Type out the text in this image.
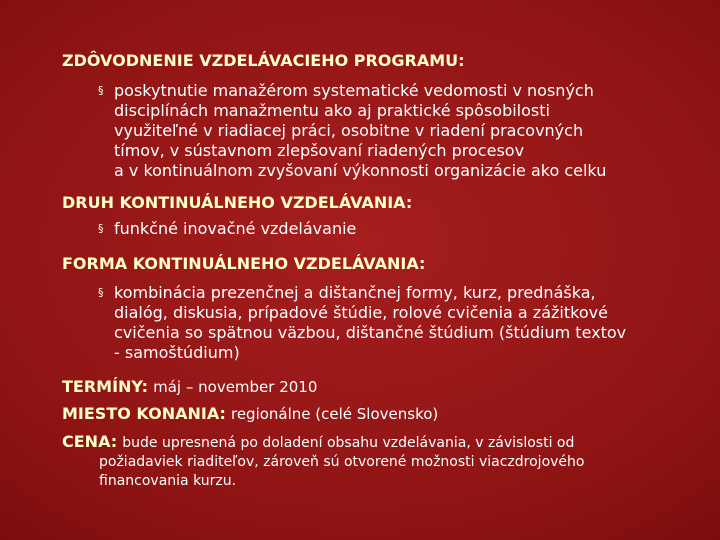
ZDÔVODNENIE VZDELÁVACIEHO PROGRAMU:
§ poskytnutie manažérom systematické vedomosti v nosných
disciplínách manažmentu ako aj praktické spôsobilosti
využiteľné v riadiacej práci, osobitne v riadení pracovných
tímov, v sústavnom zlepšovaní riadených procesov
a v kontinuálnom zvyšovaní výkonnosti organizácie ako celku
DRUH KONTINUÁLNEHO VZDELÁVANIA:
§ funkčné inovačné vzdelávanie
FORMA KONTINUÁLNEHO VZDELÁVANIA:
§ kombinácia prezenčnej a dištančnej formy, kurz, prednáška,
dialóg, diskusia, prípadové štúdie, rolové cvičenia a zážitkové
cvičenia so spätnou väzbou, dištančné štúdium (štúdium textov
- samoštúdium)
TERMÍNY: máj – november 2010
MIESTO KONANIA: regionálne (celé Slovensko)
CENA: bude upresnená po doladení obsahu vzdelávania, v závislosti od
požiadaviek riaditeľov, zároveň sú otvorené možnosti viaczdrojového
financovania kurzu.
